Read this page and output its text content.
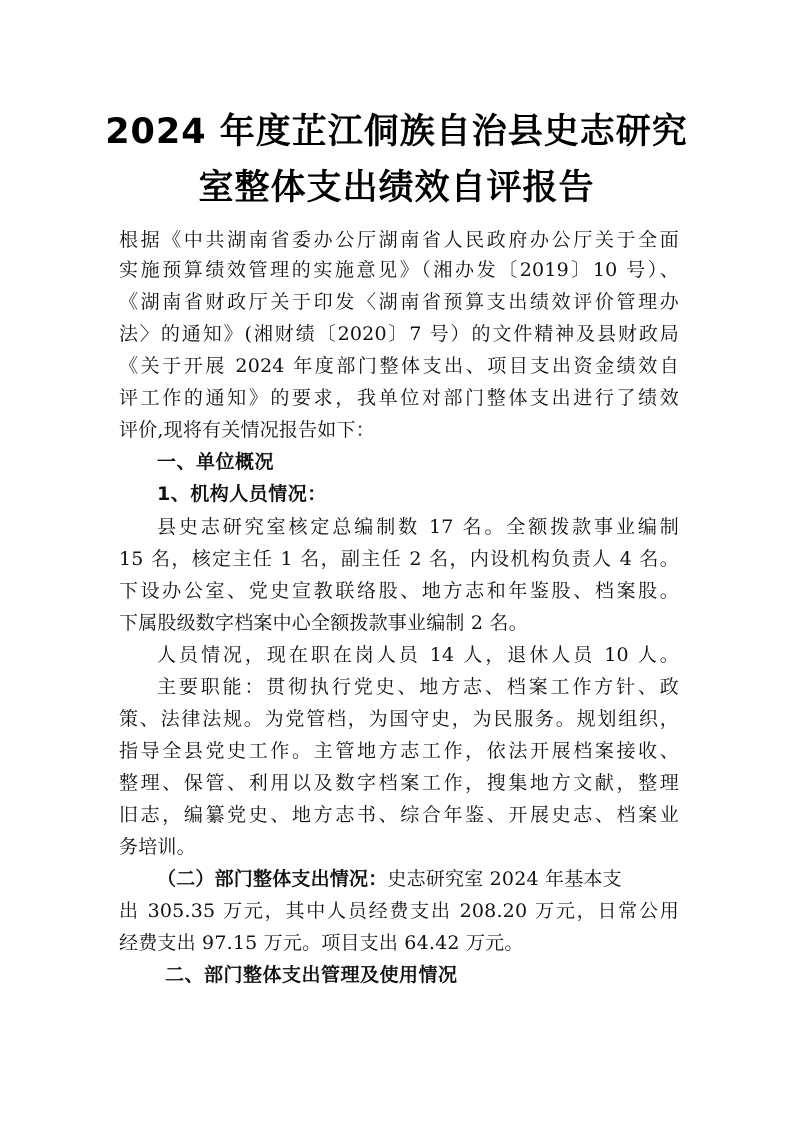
2024 年度芷江侗族自治县史志研究
室整体支出绩效自评报告
根据《中共湖南省委办公厅湖南省人民政府办公厅关于全面
实施预算绩效管理的实施意见》（湘办发〔2019〕10 号）、
《湖南省财政厅关于印发〈湖南省预算支出绩效评价管理办
法〉的通知》(湘财绩〔2020〕7 号）的文件精神及县财政局
《关于开展 2024 年度部门整体支出、项目支出资金绩效自
评工作的通知》的要求，我单位对部门整体支出进行了绩效
评价,现将有关情况报告如下：
一、单位概况
1、机构人员情况：
县史志研究室核定总编制数 17 名。全额拨款事业编制
15 名，核定主任 1 名，副主任 2 名，内设机构负责人 4 名。
下设办公室、党史宣教联络股、地方志和年鉴股、档案股。
下属股级数字档案中心全额拨款事业编制 2 名。
人员情况，现在职在岗人员 14 人，退休人员 10 人。
主要职能：贯彻执行党史、地方志、档案工作方针、政
策、法律法规。为党管档，为国守史，为民服务。规划组织，
指导全县党史工作。主管地方志工作，依法开展档案接收、
整理、保管、利用以及数字档案工作，搜集地方文献，整理
旧志，编纂党史、地方志书、综合年鉴、开展史志、档案业
务培训。
（二）部门整体支出情况：史志研究室 2024 年基本支
出 305.35 万元，其中人员经费支出 208.20 万元，日常公用
经费支出 97.15 万元。项目支出 64.42 万元。
二、部门整体支出管理及使用情况
